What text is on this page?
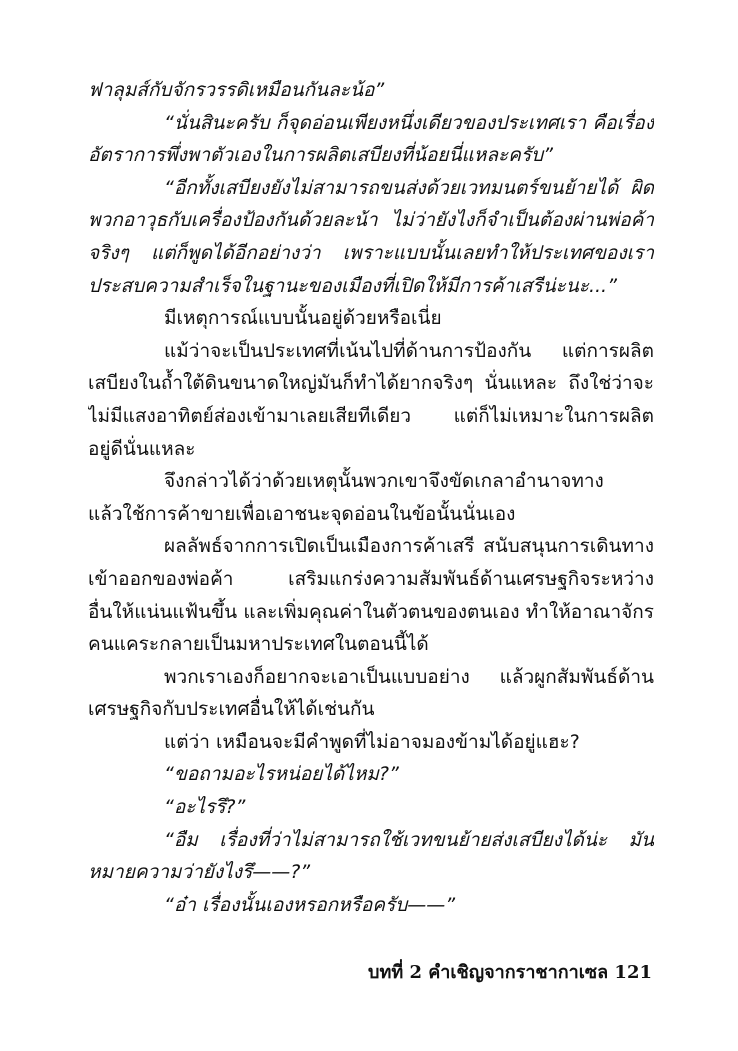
ฟาลุมส์กับจักรวรรดิเหมือนกันละน้อ”
“นั่นสินะครับ ก็จุดอ่อนเพียงหนึ่งเดียวของประเทศเรา คือเรื่อง
อัตราการพึ่งพาตัวเองในการผลิตเสบียงที่น้อยนี่แหละครับ”
“อีกทั้งเสบียงยังไม่สามารถขนส่งด้วยเวทมนตร์ขนย้ายได้ ผิด
พวกอาวุธกับเครื่องป้องกันด้วยละน้า ไม่ว่ายังไงก็จำเป็นต้องผ่านพ่อค้า
จริงๆ แต่ก็พูดได้อีกอย่างว่า เพราะแบบนั้นเลยทำให้ประเทศของเรา
ประสบความสำเร็จในฐานะของเมืองที่เปิดให้มีการค้าเสรีน่ะนะ...”
มีเหตุการณ์แบบนั้นอยู่ด้วยหรือเนี่ย
แม้ว่าจะเป็นประเทศที่เน้นไปที่ด้านการป้องกัน แต่การผลิต
เสบียงในถ้ำใต้ดินขนาดใหญ่มันก็ทำได้ยากจริงๆ นั่นแหละ ถึงใช่ว่าจะ
ไม่มีแสงอาทิตย์ส่องเข้ามาเลยเสียทีเดียว แต่ก็ไม่เหมาะในการผลิต
อยู่ดีนั่นแหละ
จึงกล่าวได้ว่าด้วยเหตุนั้นพวกเขาจึงขัดเกลาอำนาจทาง
แล้วใช้การค้าขายเพื่อเอาชนะจุดอ่อนในข้อนั้นนั่นเอง
ผลลัพธ์จากการเปิดเป็นเมืองการค้าเสรี สนับสนุนการเดินทาง
เข้าออกของพ่อค้า เสริมแกร่งความสัมพันธ์ด้านเศรษฐกิจระหว่าง
อื่นให้แน่นแฟ้นขึ้น และเพิ่มคุณค่าในตัวตนของตนเอง ทำให้อาณาจักร
คนแคระกลายเป็นมหาประเทศในตอนนี้ได้
พวกเราเองก็อยากจะเอาเป็นแบบอย่าง แล้วผูกสัมพันธ์ด้าน
เศรษฐกิจกับประเทศอื่นให้ได้เช่นกัน
แต่ว่า เหมือนจะมีคำพูดที่ไม่อาจมองข้ามได้อยู่แฮะ?
“ขอถามอะไรหน่อยได้ไหม?”
“อะไรรึ?”
“อืม เรื่องที่ว่าไม่สามารถใช้เวทขนย้ายส่งเสบียงได้น่ะ มัน
หมายความว่ายังไงรึ——?”
“อ๋า เรื่องนั้นเองหรอกหรือครับ——”
บทที่ 2 คำเชิญจากราชากาเซล 121
